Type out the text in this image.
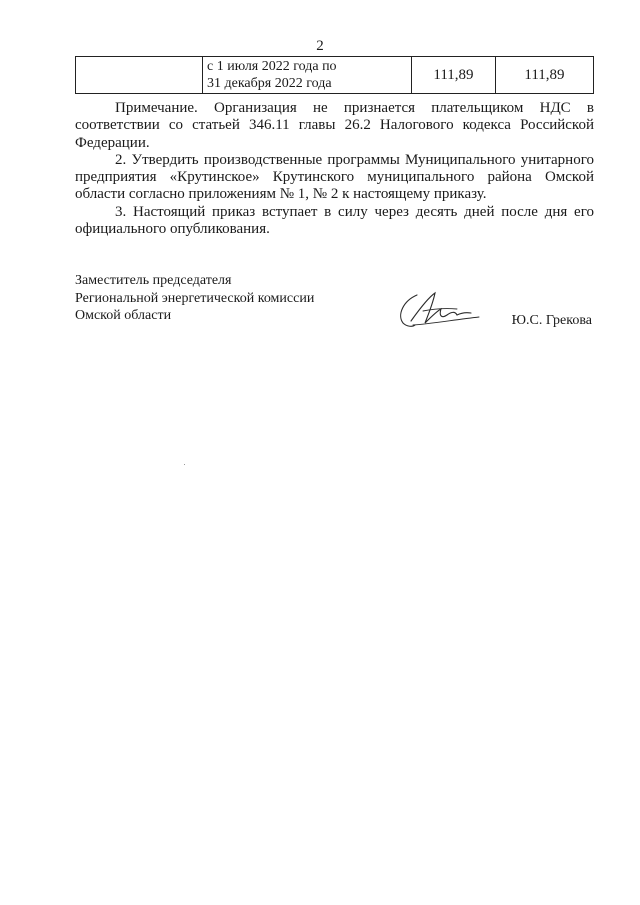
2

с 1 июля 2022 года по
31 декабря 2022 года
	111,89	111,89

Примечание. Организация не признается плательщиком НДС в соответствии со статьей 346.11 главы 26.2 Налогового кодекса Российской Федерации.

2. Утвердить производственные программы Муниципального унитарного предприятия «Крутинское» Крутинского муниципального района Омской области согласно приложениям № 1, № 2 к настоящему приказу.

3. Настоящий приказ вступает в силу через десять дней после дня его официального опубликования.

Заместитель председателя
Региональной энергетической комиссии
Омской области	Ю.С. Грекова
